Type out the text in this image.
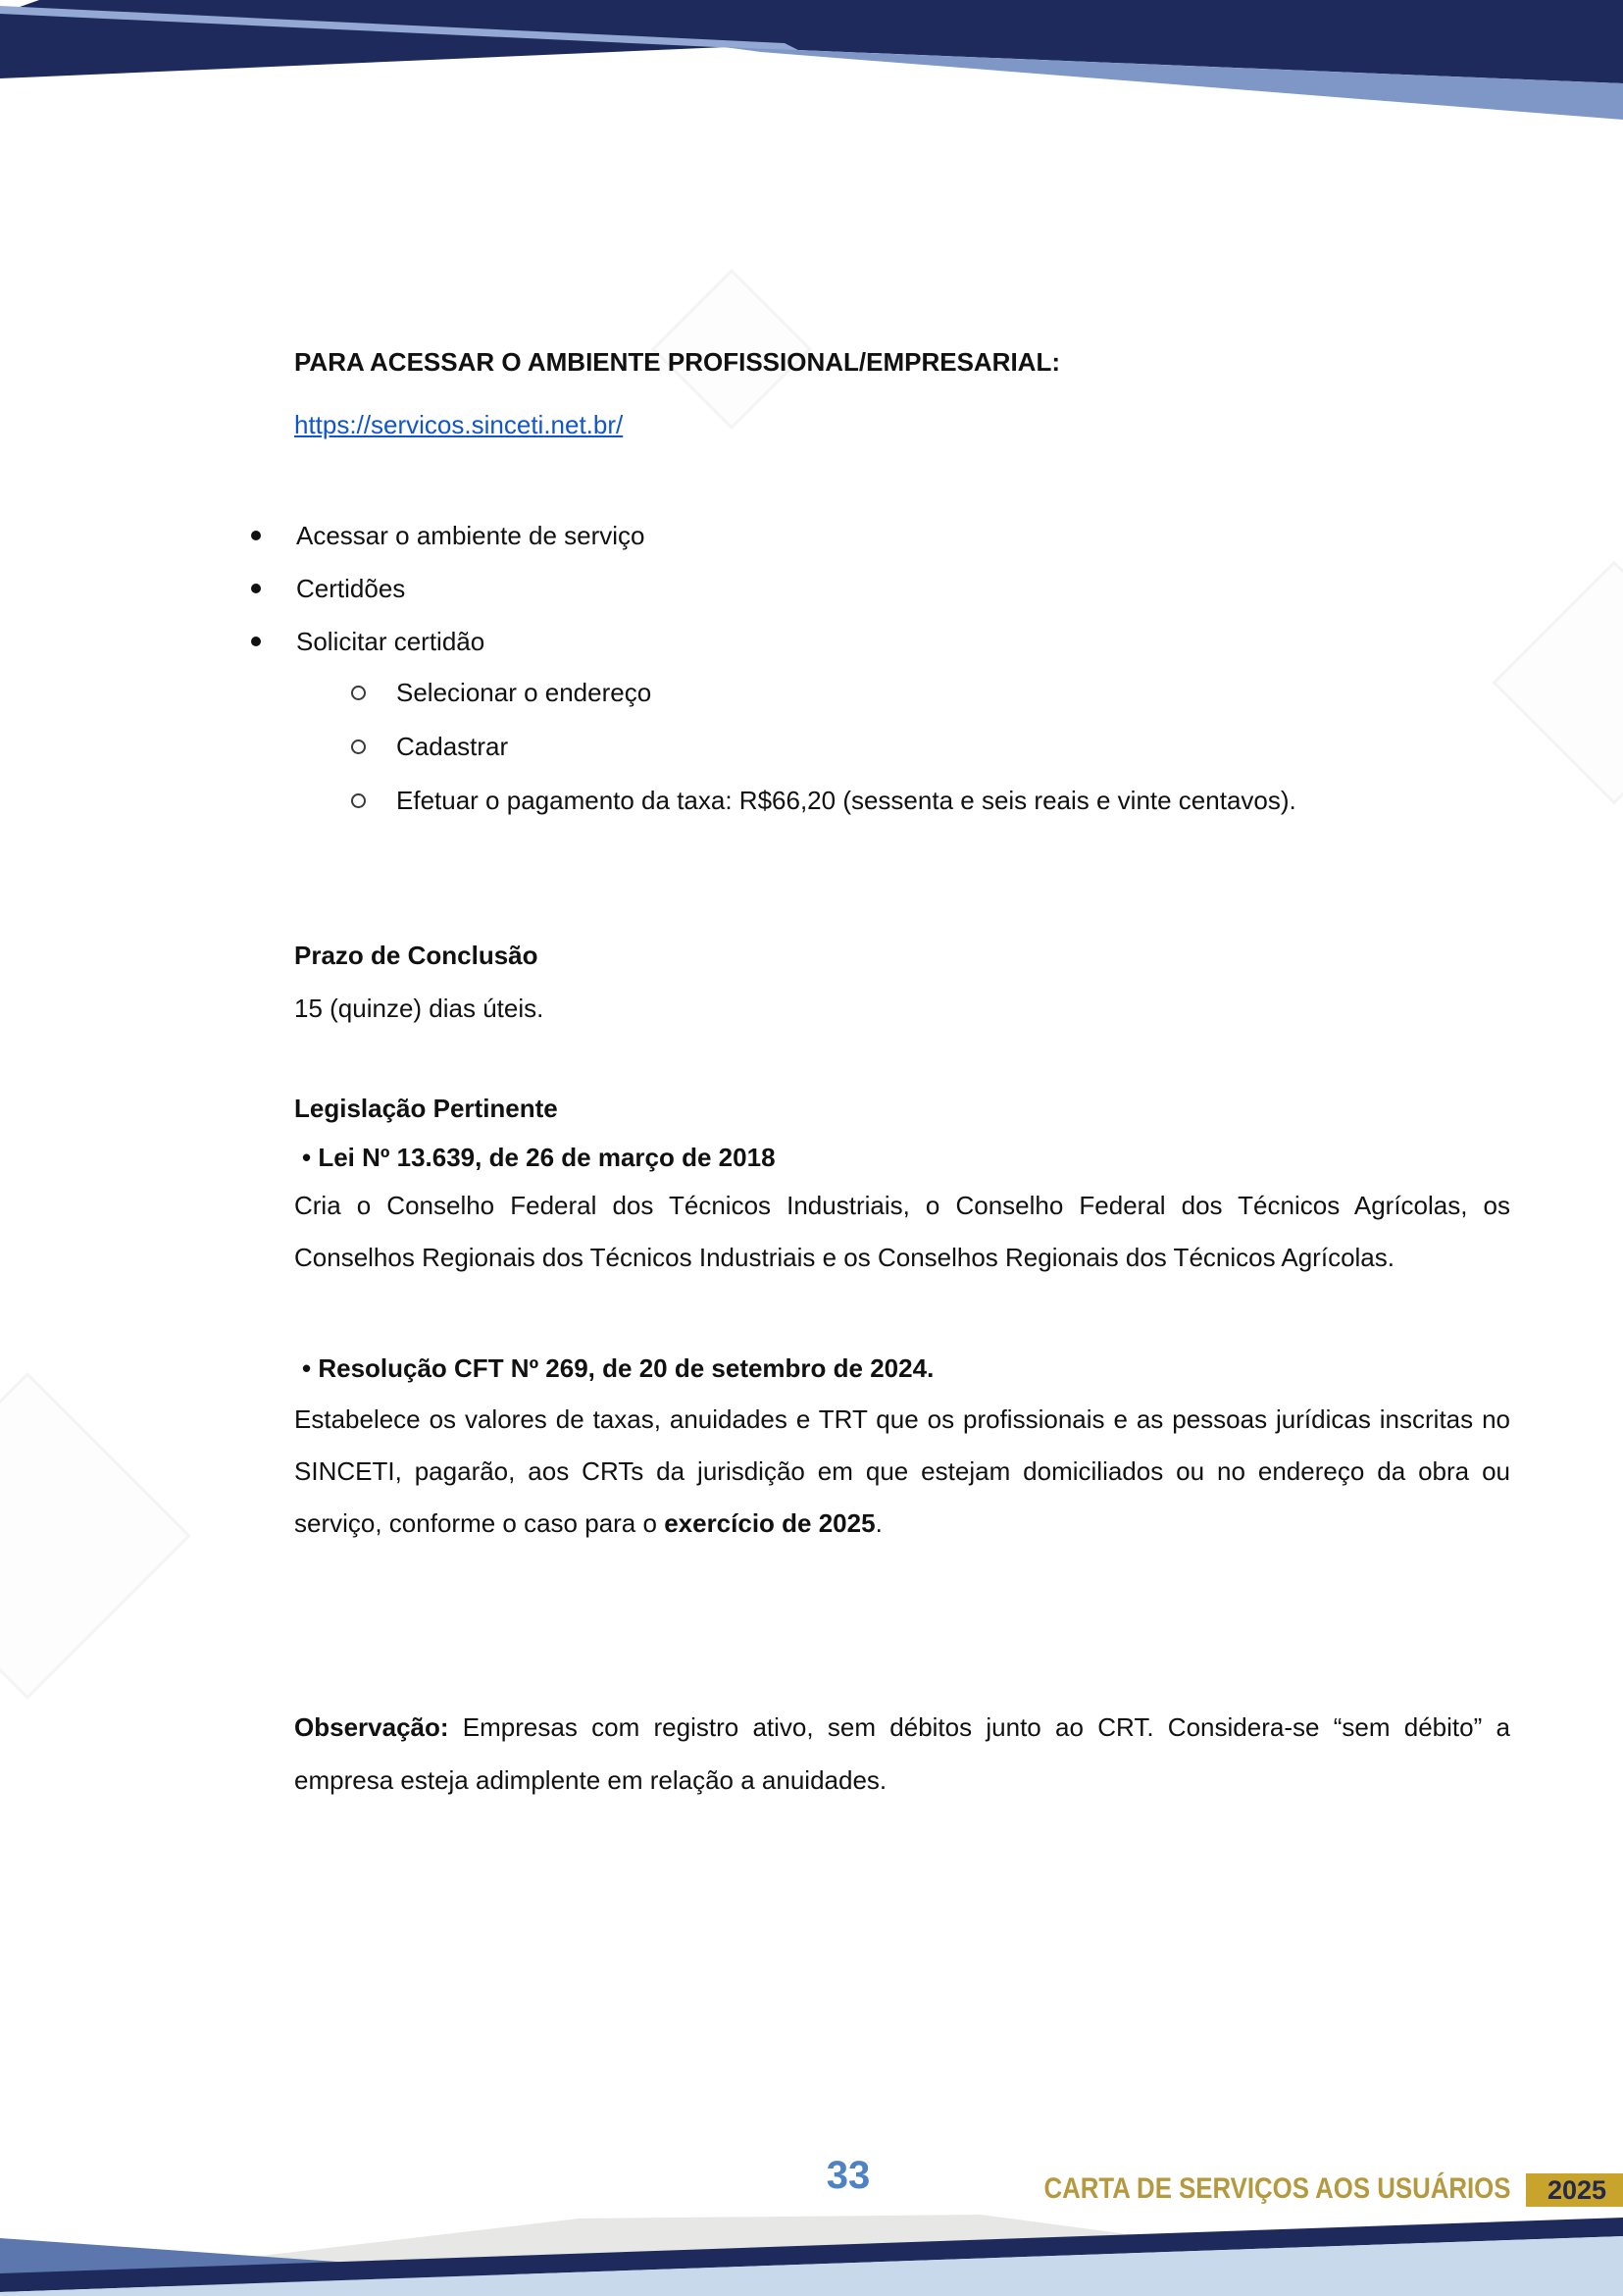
PARA ACESSAR O AMBIENTE PROFISSIONAL/EMPRESARIAL:
https://servicos.sinceti.net.br/
Acessar o ambiente de serviço
Certidões
Solicitar certidão
Selecionar o endereço
Cadastrar
Efetuar o pagamento da taxa: R$66,20 (sessenta e seis reais e vinte centavos).
Prazo de Conclusão
15 (quinze) dias úteis.
Legislação Pertinente
• Lei Nº 13.639, de 26 de março de 2018
Cria o Conselho Federal dos Técnicos Industriais, o Conselho Federal dos Técnicos Agrícolas, os Conselhos Regionais dos Técnicos Industriais e os Conselhos Regionais dos Técnicos Agrícolas.
• Resolução CFT Nº 269, de 20 de setembro de 2024.
Estabelece os valores de taxas, anuidades e TRT que os profissionais e as pessoas jurídicas inscritas no SINCETI, pagarão, aos CRTs da jurisdição em que estejam domiciliados ou no endereço da obra ou serviço, conforme o caso para o exercício de 2025.
Observação: Empresas com registro ativo, sem débitos junto ao CRT. Considera-se “sem débito” a empresa esteja adimplente em relação a anuidades.
33	CARTA DE SERVIÇOS AOS USUÁRIOS 2025
